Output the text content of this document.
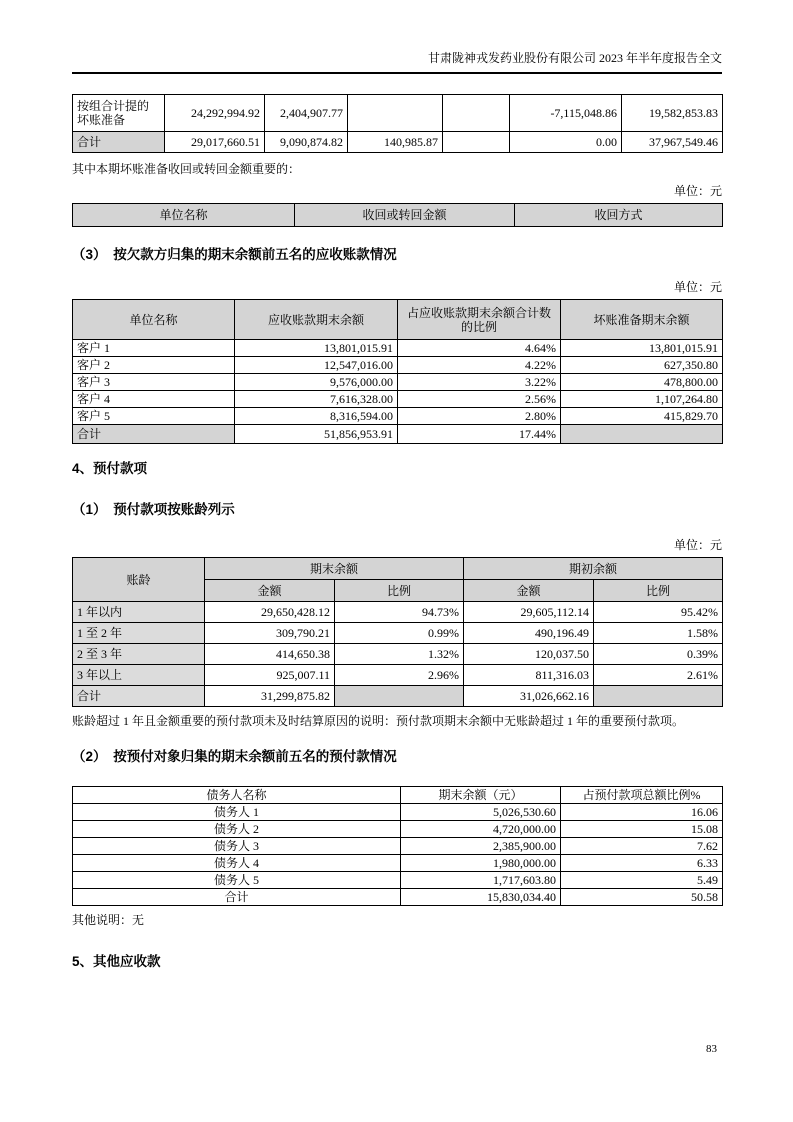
甘肃陇神戎发药业股份有限公司 2023 年半年度报告全文
按组合计提的坏账准备	24,292,994.92	2,404,907.77			-7,115,048.86	19,582,853.83
合计	29,017,660.51	9,090,874.82	140,985.87		0.00	37,967,549.46
其中本期坏账准备收回或转回金额重要的：
单位：元
单位名称	收回或转回金额	收回方式
（3）　按欠款方归集的期末余额前五名的应收账款情况
单位：元
单位名称	应收账款期末余额	占应收账款期末余额合计数的比例	坏账准备期末余额
客户 1	13,801,015.91	4.64%	13,801,015.91
客户 2	12,547,016.00	4.22%	627,350.80
客户 3	9,576,000.00	3.22%	478,800.00
客户 4	7,616,328.00	2.56%	1,107,264.80
客户 5	8,316,594.00	2.80%	415,829.70
合计	51,856,953.91	17.44%	
4、预付款项
（1）　预付款项按账龄列示
单位：元
账龄	期末余额		期初余额	
	金额	比例	金额	比例
1 年以内	29,650,428.12	94.73%	29,605,112.14	95.42%
1 至 2 年	309,790.21	0.99%	490,196.49	1.58%
2 至 3 年	414,650.38	1.32%	120,037.50	0.39%
3 年以上	925,007.11	2.96%	811,316.03	2.61%
合计	31,299,875.82		31,026,662.16	
账龄超过 1 年且金额重要的预付款项未及时结算原因的说明：预付款项期末余额中无账龄超过 1 年的重要预付款项。
（2）　按预付对象归集的期末余额前五名的预付款情况
债务人名称	期末余额（元）	占预付款项总额比例%
债务人 1	5,026,530.60	16.06
债务人 2	4,720,000.00	15.08
债务人 3	2,385,900.00	7.62
债务人 4	1,980,000.00	6.33
债务人 5	1,717,603.80	5.49
合计	15,830,034.40	50.58
其他说明：无
5、其他应收款
83
